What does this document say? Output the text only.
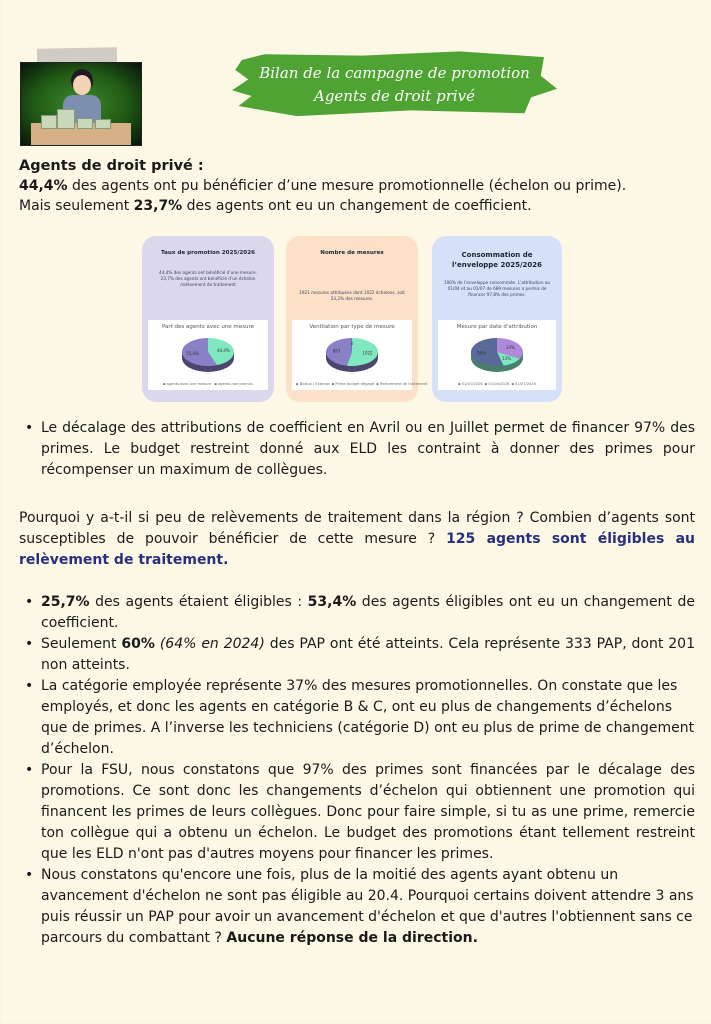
Bilan de la campagne de promotion
Agents de droit privé

Agents de droit privé :

44,4% des agents ont pu bénéficier d’une mesure promotionnelle (échelon ou prime).

Mais seulement 23,7% des agents ont eu un changement de coefficient.

Taux de promotion 2025/2026
44,4% des agents ont bénéficié d’une mesure.
23,7% des agents ont bénéficié d’un échelon /relèvement de traitement
Part des agents avec une mesure
44,4%
55,6%
▪ agents avec une mesure ▪ agents non promus
Nombre de mesures
1921 mesures attribuées dont 1022 échelons, soit 53,2% des mesures.
Ventilation par type de mesure
1022
893
6
▪ Bivaux / Exterior ▪ Prime budget dégagé ▪ Relèvement de traitement
Consommation de l’enveloppe 2025/2026
100% de l’enveloppe consommée. L’attribution au 01/04 et au 01/07 de 689 mesures a permis de financer 97,8% des primes.
Mesure par date d'attribution
33%
13%
54%
▪ 01/01/2026 ▪ 01/04/2026 ▪ 01/07/2026
• Le décalage des attributions de coefficient en Avril ou en Juillet permet de financer 97% des primes. Le budget restreint donné aux ELD les contraint à donner des primes pour récompenser un maximum de collègues.
Pourquoi y a-t-il si peu de relèvements de traitement dans la région ? Combien d’agents sont susceptibles de pouvoir bénéficier de cette mesure ? 125 agents sont éligibles au relèvement de traitement.
• 25,7% des agents étaient éligibles : 53,4% des agents éligibles ont eu un changement de coefficient.
• Seulement 60% (64% en 2024) des PAP ont été atteints. Cela représente 333 PAP, dont 201 non atteints.
• La catégorie employée représente 37% des mesures promotionnelles. On constate que les employés, et donc les agents en catégorie B & C, ont eu plus de changements d’échelons que de primes. A l’inverse les techniciens (catégorie D) ont eu plus de prime de changement d’échelon.
• Pour la FSU, nous constatons que 97% des primes sont financées par le décalage des promotions. Ce sont donc les changements d’échelon qui obtiennent une promotion qui financent les primes de leurs collègues. Donc pour faire simple, si tu as une prime, remercie ton collègue qui a obtenu un échelon. Le budget des promotions étant tellement restreint que les ELD n'ont pas d'autres moyens pour financer les primes.
• Nous constatons qu'encore une fois, plus de la moitié des agents ayant obtenu un avancement d'échelon ne sont pas éligible au 20.4. Pourquoi certains doivent attendre 3 ans puis réussir un PAP pour avoir un avancement d'échelon et que d'autres l'obtiennent sans ce parcours du combattant ? Aucune réponse de la direction.
